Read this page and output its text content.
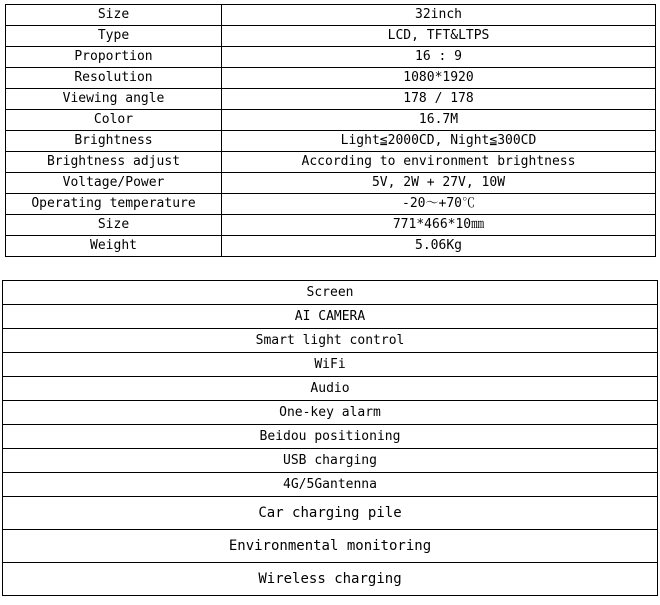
Size	32inch
Type	LCD, TFT&LTPS
Proportion	16 : 9
Resolution	1080*1920
Viewing angle	178 / 178
Color	16.7M
Brightness	Light≦2000CD, Night≦300CD
Brightness adjust	According to environment brightness
Voltage/Power	5V, 2W + 27V, 10W
Operating temperature	-20～+70℃
Size	771*466*10㎜
Weight	5.06Kg
Screen
AI CAMERA
Smart light control
WiFi
Audio
One-key alarm
Beidou positioning
USB charging
4G/5Gantenna
Car charging pile
Environmental monitoring
Wireless charging
